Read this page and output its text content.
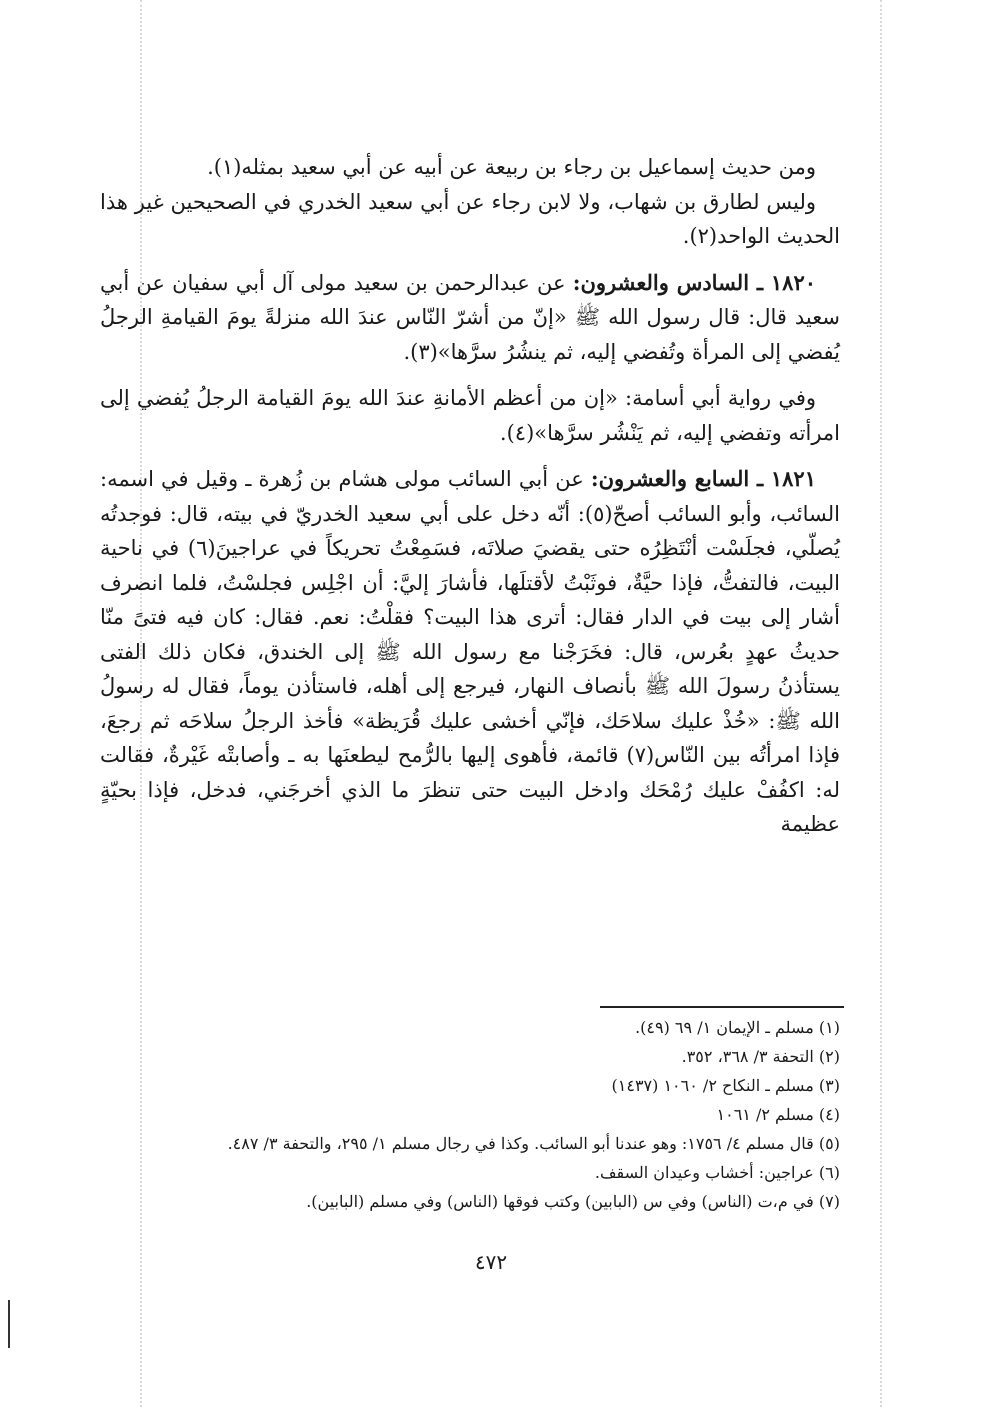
ومن حديث إسماعيل بن رجاء بن ربيعة عن أبيه عن أبي سعيد بمثله(١).

وليس لطارق بن شهاب، ولا لابن رجاء عن أبي سعيد الخدري في الصحيحين غير هذا الحديث الواحد(٢).

١٨٢٠ ـ السادس والعشرون: عن عبدالرحمن بن سعيد مولى آل أبي سفيان عن أبي سعيد قال: قال رسول الله ﷺ «إنّ من أشرّ النّاس عندَ الله منزلةً يومَ القيامةِ الرجلُ يُفضي إلى المرأة وتُفضي إليه، ثم ينشُرُ سرَّها»(٣).

وفي رواية أبي أسامة: «إن من أعظم الأمانةِ عندَ الله يومَ القيامة الرجلُ يُفضي إلى امرأته وتفضي إليه، ثم يَنْشُر سرَّها»(٤).

١٨٢١ ـ السابع والعشرون: عن أبي السائب مولى هشام بن زُهرة ـ وقيل في اسمه: السائب، وأبو السائب أصحّ(٥): أنّه دخل على أبي سعيد الخدريّ في بيته، قال: فوجدتُه يُصلّي، فجلَسْت أنْتَظِرُه حتى يقضيَ صلاتَه، فسَمِعْتُ تحريكاً في عراجينَ(٦) في ناحية البيت، فالتفتُّ، فإذا حيَّةٌ، فوثَبْتُ لأقتلَها، فأشارَ إليَّ: أن اجْلِس فجلسْتُ، فلما انصرف أشار إلى بيت في الدار فقال: أترى هذا البيت؟ فقلْتُ: نعم. فقال: كان فيه فتىً منّا حديثُ عهدٍ بعُرس، قال: فخَرَجْنا مع رسول الله ﷺ إلى الخندق، فكان ذلك الفتى يستأذنُ رسولَ الله ﷺ بأنصاف النهار، فيرجع إلى أهله، فاستأذن يوماً، فقال له رسولُ الله ﷺ: «خُذْ عليك سلاحَك، فإنّي أخشى عليك قُرَيظة» فأخذ الرجلُ سلاحَه ثم رجعَ، فإذا امرأتُه بين النّاس(٧) قائمة، فأهوى إليها بالرُّمح ليطعنَها به ـ وأصابتْه غَيْرةٌ، فقالت له: اكفُفْ عليك رُمْحَك وادخل البيت حتى تنظرَ ما الذي أخرجَني، فدخل، فإذا بحيّةٍ عظيمة

(١) مسلم ـ الإيمان ١/ ٦٩ (٤٩).
(٢) التحفة ٣/ ٣٦٨، ٣٥٢.
(٣) مسلم ـ النكاح ٢/ ١٠٦٠ (١٤٣٧)
(٤) مسلم ٢/ ١٠٦١
(٥) قال مسلم ٤/ ١٧٥٦: وهو عندنا أبو السائب. وكذا في رجال مسلم ١/ ٢٩٥، والتحفة ٣/ ٤٨٧.
(٦) عراجين: أخشاب وعيدان السقف.
(٧) في م،ت (الناس) وفي س (البابين) وكتب فوقها (الناس) وفي مسلم (البابين).
٤٧٢
